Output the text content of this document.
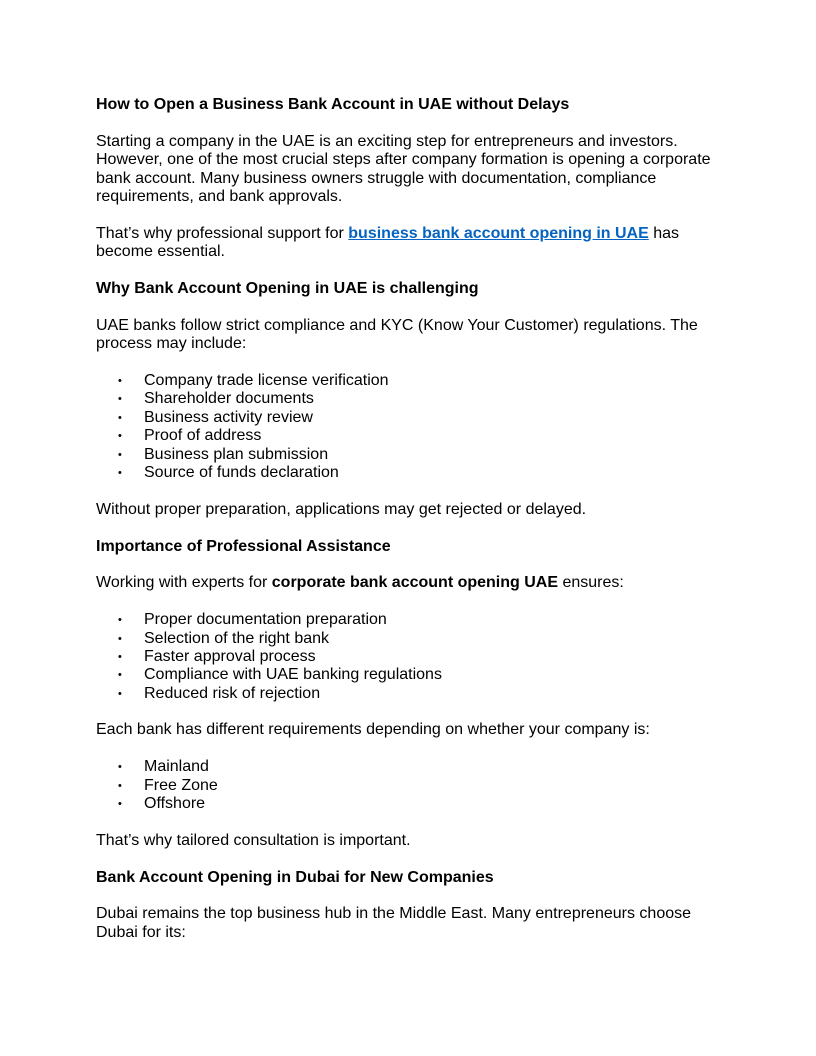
How to Open a Business Bank Account in UAE without Delays
Starting a company in the UAE is an exciting step for entrepreneurs and investors. However, one of the most crucial steps after company formation is opening a corporate bank account. Many business owners struggle with documentation, compliance requirements, and bank approvals.
That’s why professional support for business bank account opening in UAE has become essential.
Why Bank Account Opening in UAE is challenging
UAE banks follow strict compliance and KYC (Know Your Customer) regulations. The process may include:
• Company trade license verification
• Shareholder documents
• Business activity review
• Proof of address
• Business plan submission
• Source of funds declaration
Without proper preparation, applications may get rejected or delayed.
Importance of Professional Assistance
Working with experts for corporate bank account opening UAE ensures:
• Proper documentation preparation
• Selection of the right bank
• Faster approval process
• Compliance with UAE banking regulations
• Reduced risk of rejection
Each bank has different requirements depending on whether your company is:
• Mainland
• Free Zone
• Offshore
That’s why tailored consultation is important.
Bank Account Opening in Dubai for New Companies
Dubai remains the top business hub in the Middle East. Many entrepreneurs choose Dubai for its:
